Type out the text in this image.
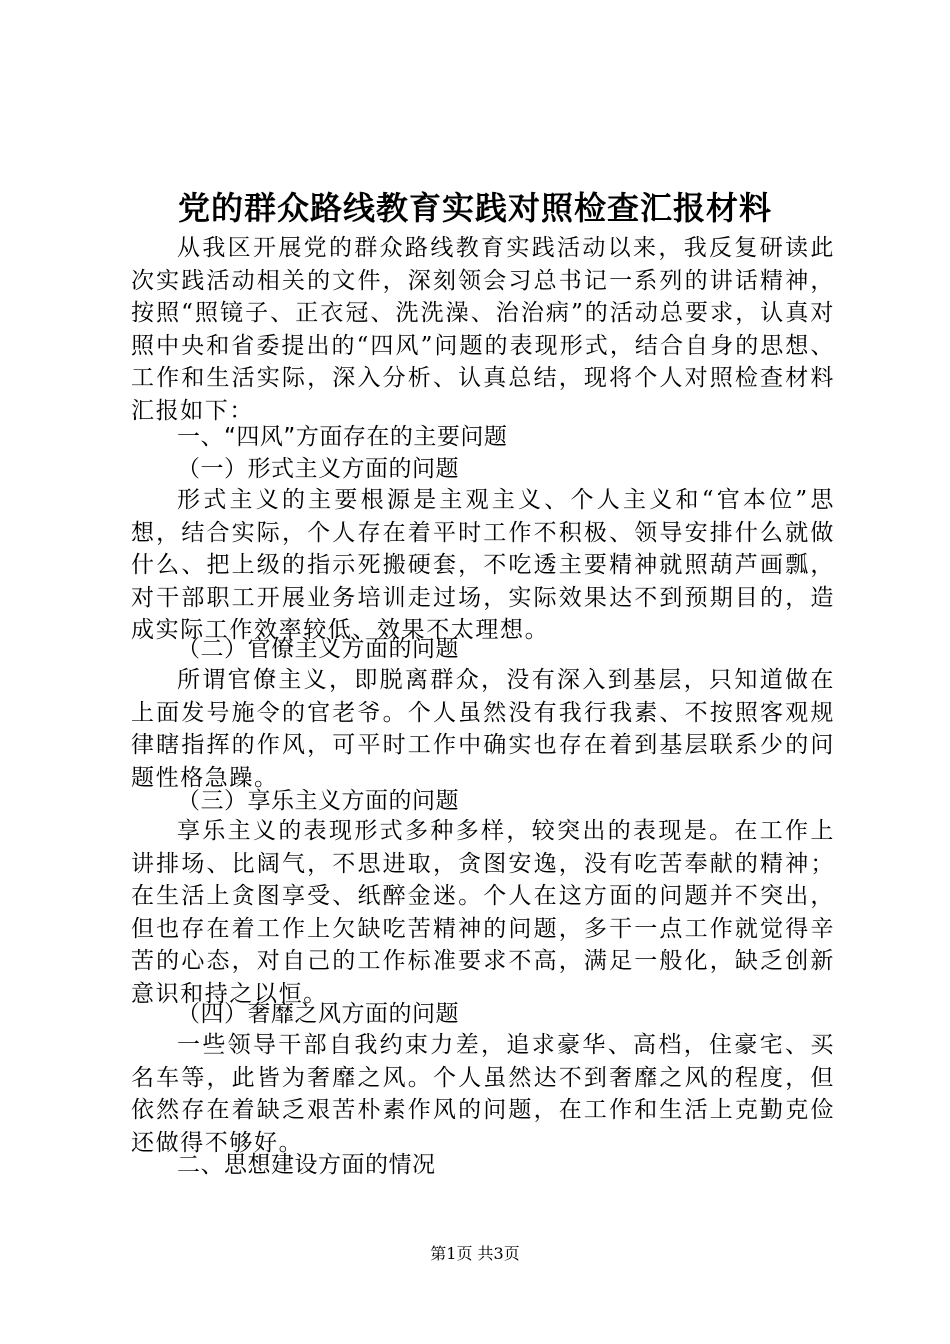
党的群众路线教育实践对照检查汇报材料
从我区开展党的群众路线教育实践活动以来，我反复研读此次实践活动相关的文件，深刻领会习总书记一系列的讲话精神，按照“照镜子、正衣冠、洗洗澡、治治病”的活动总要求，认真对照中央和省委提出的“四风”问题的表现形式，结合自身的思想、工作和生活实际，深入分析、认真总结，现将个人对照检查材料汇报如下：
一、“四风”方面存在的主要问题
（一）形式主义方面的问题
形式主义的主要根源是主观主义、个人主义和“官本位”思想，结合实际，个人存在着平时工作不积极、领导安排什么就做什么、把上级的指示死搬硬套，不吃透主要精神就照葫芦画瓢，对干部职工开展业务培训走过场，实际效果达不到预期目的，造成实际工作效率较低、效果不太理想。
（二）官僚主义方面的问题
所谓官僚主义，即脱离群众，没有深入到基层，只知道做在上面发号施令的官老爷。个人虽然没有我行我素、不按照客观规律瞎指挥的作风，可平时工作中确实也存在着到基层联系少的问题性格急躁。
（三）享乐主义方面的问题
享乐主义的表现形式多种多样，较突出的表现是。在工作上讲排场、比阔气，不思进取，贪图安逸，没有吃苦奉献的精神；在生活上贪图享受、纸醉金迷。个人在这方面的问题并不突出，但也存在着工作上欠缺吃苦精神的问题，多干一点工作就觉得辛苦的心态，对自己的工作标准要求不高，满足一般化，缺乏创新意识和持之以恒。
（四）奢靡之风方面的问题
一些领导干部自我约束力差，追求豪华、高档，住豪宅、买名车等，此皆为奢靡之风。个人虽然达不到奢靡之风的程度，但依然存在着缺乏艰苦朴素作风的问题，在工作和生活上克勤克俭还做得不够好。
二、思想建设方面的情况
第1页 共3页
